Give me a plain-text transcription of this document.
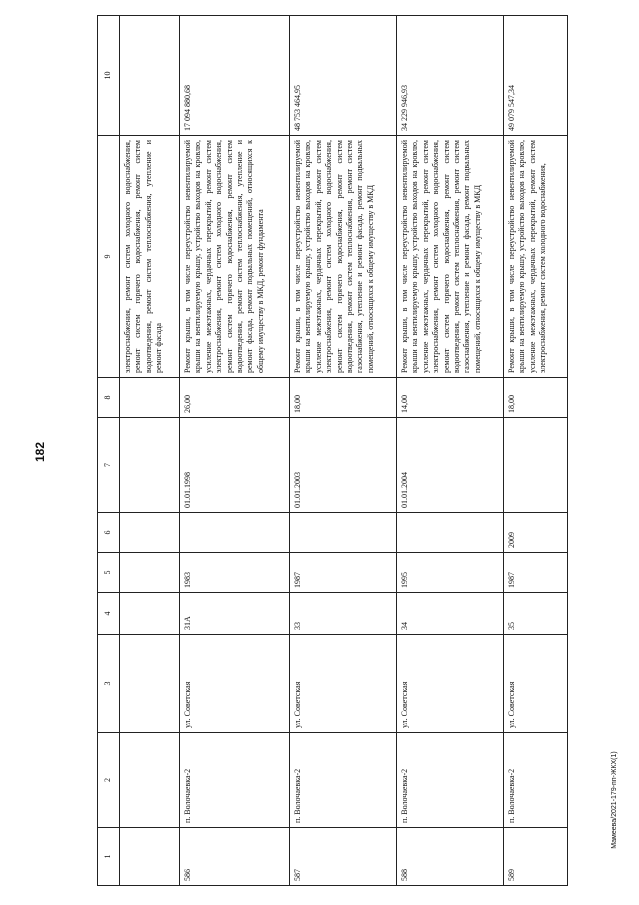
182
1	2	3	4	5	6	7	8	9	10
								электроснабжения, ремонт систем холодного водоснабжения, ремонт систем горячего водоснабжения, ремонт систем водоотведения, ремонт систем теплоснабжения, утепление и ремонт фасада	
586	п. Волочаевка-2	ул. Советская	31А	1983		01.01.1998	26,00	Ремонт крыши, в том числе переустройство невентилируемой крыши на вентилируемую крышу, устройство выходов на кровлю, усиление межэтажных, чердачных перекрытий, ремонт систем электроснабжения, ремонт систем холодного водоснабжения, ремонт систем горячего водоснабжения, ремонт систем водоотведения, ремонт систем теплоснабжения, утепление и ремонт фасада, ремонт подвальных помещений, относящихся к общему имуществу в МКД, ремонт фундамента	17 094 880,68
587	п. Волочаевка-2	ул. Советская	33	1987		01.01.2003	18,00	Ремонт крыши, в том числе переустройство невентилируемой крыши на вентилируемую крышу, устройство выходов на кровлю, усиление межэтажных, чердачных перекрытий, ремонт систем электроснабжения, ремонт систем холодного водоснабжения, ремонт систем горячего водоснабжения, ремонт систем водоотведения, ремонт систем теплоснабжения, ремонт систем газоснабжения, утепление и ремонт фасада, ремонт подвальных помещений, относящихся к общему имуществу в МКД	48 753 464,95
588	п. Волочаевка-2	ул. Советская	34	1995		01.01.2004	14,00	Ремонт крыши, в том числе переустройство невентилируемой крыши на вентилируемую крышу, устройство выходов на кровлю, усиление межэтажных, чердачных перекрытий, ремонт систем электроснабжения, ремонт систем холодного водоснабжения, ремонт систем горячего водоснабжения, ремонт систем водоотведения, ремонт систем теплоснабжения, ремонт систем газоснабжения, утепление и ремонт фасада, ремонт подвальных помещений, относящихся к общему имуществу в МКД	34 229 946,93
589	п. Волочаевка-2	ул. Советская	35	1987	2009		18,00	Ремонт крыши, в том числе переустройство невентилируемой крыши на вентилируемую крышу, устройство выходов на кровлю, усиление межэтажных, чердачных перекрытий, ремонт систем электроснабжения, ремонт систем холодного водоснабжения,	49 079 547,34
Мамеева/2021-179-пп-ЖКХ(1)
